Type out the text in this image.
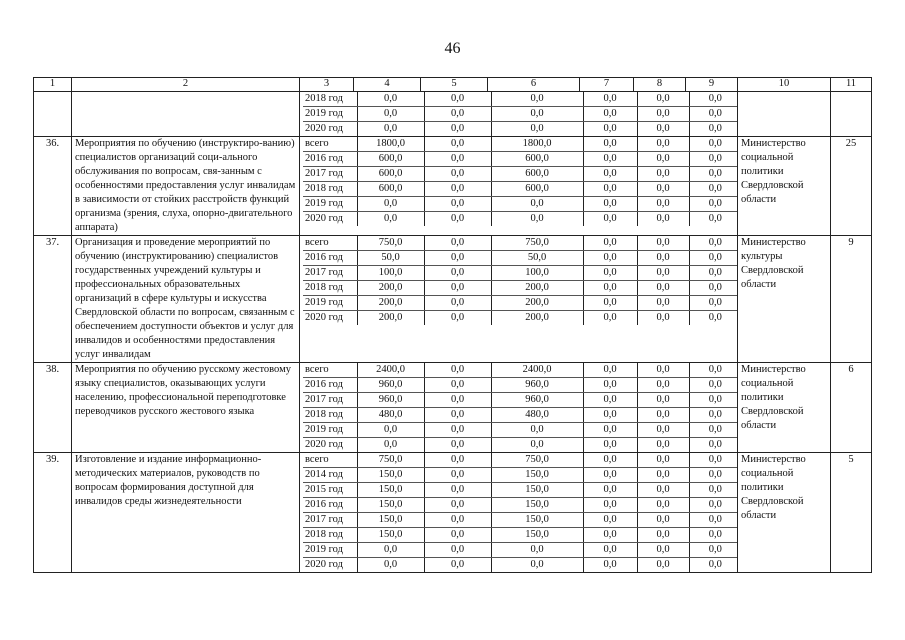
46
1	2	3	4	5	6	7	8	9	10	11

2018 год	0,0	0,0	0,0	0,0	0,0	0,0
2019 год	0,0	0,0	0,0	0,0	0,0	0,0
2020 год	0,0	0,0	0,0	0,0	0,0	0,0

36.	Мероприятия по обучению (инструктиро-ванию) специалистов организаций соци-ального обслуживания по вопросам, свя-занным с особенностями предоставления услуг инвалидам в зависимости от стойких расстройств функций организма (зрения, слуха, опорно-двигательного аппарата)	
всего	1800,0	0,0	1800,0	0,0	0,0	0,0
2016 год	600,0	0,0	600,0	0,0	0,0	0,0
2017 год	600,0	0,0	600,0	0,0	0,0	0,0
2018 год	600,0	0,0	600,0	0,0	0,0	0,0
2019 год	0,0	0,0	0,0	0,0	0,0	0,0
2020 год	0,0	0,0	0,0	0,0	0,0	0,0
	Министерство социальной политики Свердловской области	25
37.	Организация и проведение мероприятий по обучению (инструктированию) специалистов государственных учреждений культуры и профессиональных образовательных организаций в сфере культуры и искусства Свердловской области по вопросам, связанным с обеспечением доступности объектов и услуг для инвалидов и особенностями предоставления услуг инвалидам	
всего	750,0	0,0	750,0	0,0	0,0	0,0
2016 год	50,0	0,0	50,0	0,0	0,0	0,0
2017 год	100,0	0,0	100,0	0,0	0,0	0,0
2018 год	200,0	0,0	200,0	0,0	0,0	0,0
2019 год	200,0	0,0	200,0	0,0	0,0	0,0
2020 год	200,0	0,0	200,0	0,0	0,0	0,0
	Министерство культуры Свердловской области	9
38.	Мероприятия по обучению русскому жестовому языку специалистов, оказывающих услуги населению, профессиональной переподготовке переводчиков русского жестового языка	
всего	2400,0	0,0	2400,0	0,0	0,0	0,0
2016 год	960,0	0,0	960,0	0,0	0,0	0,0
2017 год	960,0	0,0	960,0	0,0	0,0	0,0
2018 год	480,0	0,0	480,0	0,0	0,0	0,0
2019 год	0,0	0,0	0,0	0,0	0,0	0,0
2020 год	0,0	0,0	0,0	0,0	0,0	0,0
	Министерство социальной политики Свердловской области	6
39.	Изготовление и издание информационно-методических материалов, руководств по вопросам формирования доступной для инвалидов среды жизнедеятельности	
всего	750,0	0,0	750,0	0,0	0,0	0,0
2014 год	150,0	0,0	150,0	0,0	0,0	0,0
2015 год	150,0	0,0	150,0	0,0	0,0	0,0
2016 год	150,0	0,0	150,0	0,0	0,0	0,0
2017 год	150,0	0,0	150,0	0,0	0,0	0,0
2018 год	150,0	0,0	150,0	0,0	0,0	0,0
2019 год	0,0	0,0	0,0	0,0	0,0	0,0
2020 год	0,0	0,0	0,0	0,0	0,0	0,0
	Министерство социальной политики Свердловской области	5
